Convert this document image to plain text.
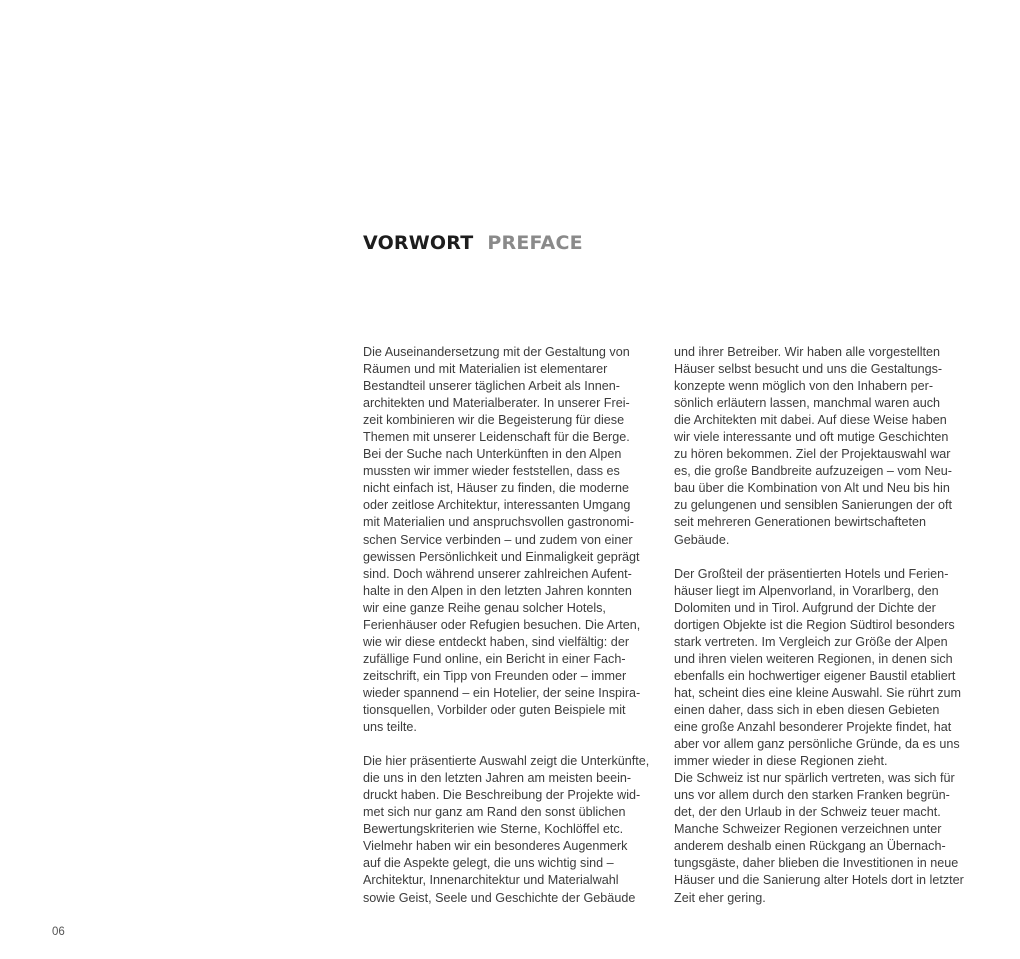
VORWORT PREFACE
Die Auseinandersetzung mit der Gestaltung von
Räumen und mit Materialien ist elementarer
Bestandteil unserer täglichen Arbeit als Innen-
architekten und Materialberater. In unserer Frei-
zeit kombinieren wir die Begeisterung für diese
Themen mit unserer Leidenschaft für die Berge.
Bei der Suche nach Unterkünften in den Alpen
mussten wir immer wieder feststellen, dass es
nicht einfach ist, Häuser zu finden, die moderne
oder zeitlose Architektur, interessanten Umgang
mit Materialien und anspruchsvollen gastronomi-
schen Service verbinden – und zudem von einer
gewissen Persönlichkeit und Einmaligkeit geprägt
sind. Doch während unserer zahlreichen Aufent-
halte in den Alpen in den letzten Jahren konnten
wir eine ganze Reihe genau solcher Hotels,
Ferienhäuser oder Refugien besuchen. Die Arten,
wie wir diese entdeckt haben, sind vielfältig: der
zufällige Fund online, ein Bericht in einer Fach-
zeitschrift, ein Tipp von Freunden oder – immer
wieder spannend – ein Hotelier, der seine Inspira-
tionsquellen, Vorbilder oder guten Beispiele mit
uns teilte.
Die hier präsentierte Auswahl zeigt die Unterkünfte,
die uns in den letzten Jahren am meisten beein-
druckt haben. Die Beschreibung der Projekte wid-
met sich nur ganz am Rand den sonst üblichen
Bewertungskriterien wie Sterne, Kochlöffel etc.
Vielmehr haben wir ein besonderes Augenmerk
auf die Aspekte gelegt, die uns wichtig sind –
Architektur, Innenarchitektur und Materialwahl
sowie Geist, Seele und Geschichte der Gebäude
und ihrer Betreiber. Wir haben alle vorgestellten
Häuser selbst besucht und uns die Gestaltungs-
konzepte wenn möglich von den Inhabern per-
sönlich erläutern lassen, manchmal waren auch
die Architekten mit dabei. Auf diese Weise haben
wir viele interessante und oft mutige Geschichten
zu hören bekommen. Ziel der Projektauswahl war
es, die große Bandbreite aufzuzeigen – vom Neu-
bau über die Kombination von Alt und Neu bis hin
zu gelungenen und sensiblen Sanierungen der oft
seit mehreren Generationen bewirtschafteten
Gebäude.
Der Großteil der präsentierten Hotels und Ferien-
häuser liegt im Alpenvorland, in Vorarlberg, den
Dolomiten und in Tirol. Aufgrund der Dichte der
dortigen Objekte ist die Region Südtirol besonders
stark vertreten. Im Vergleich zur Größe der Alpen
und ihren vielen weiteren Regionen, in denen sich
ebenfalls ein hochwertiger eigener Baustil etabliert
hat, scheint dies eine kleine Auswahl. Sie rührt zum
einen daher, dass sich in eben diesen Gebieten
eine große Anzahl besonderer Projekte findet, hat
aber vor allem ganz persönliche Gründe, da es uns
immer wieder in diese Regionen zieht.
Die Schweiz ist nur spärlich vertreten, was sich für
uns vor allem durch den starken Franken begrün-
det, der den Urlaub in der Schweiz teuer macht.
Manche Schweizer Regionen verzeichnen unter
anderem deshalb einen Rückgang an Übernach-
tungsgäste, daher blieben die Investitionen in neue
Häuser und die Sanierung alter Hotels dort in letzter
Zeit eher gering.
06
